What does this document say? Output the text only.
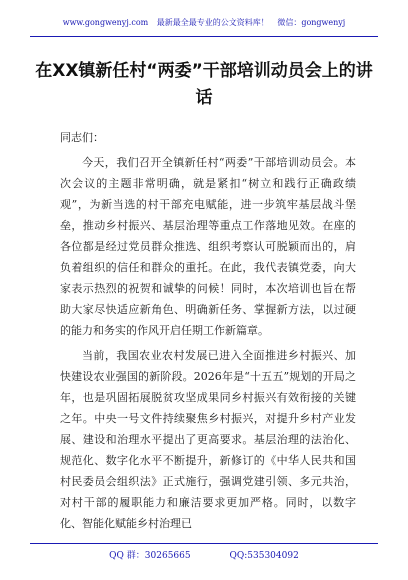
www.gongwenyj.com 最新最全最专业的公文资料库！ 微信：gongwenyj
在XX镇新任村“两委”干部培训动员会上的讲话

同志们：

今天，我们召开全镇新任村“两委”干部培训动员会。本次会议的主题非常明确，就是紧扣“树立和践行正确政绩观”，为新当选的村干部充电赋能，进一步筑牢基层战斗堡垒，推动乡村振兴、基层治理等重点工作落地见效。在座的各位都是经过党员群众推选、组织考察认可脱颖而出的，肩负着组织的信任和群众的重托。在此，我代表镇党委，向大家表示热烈的祝贺和诚挚的问候！同时，本次培训也旨在帮助大家尽快适应新角色、明确新任务、掌握新方法，以过硬的能力和务实的作风开启任期工作新篇章。

当前，我国农业农村发展已进入全面推进乡村振兴、加快建设农业强国的新阶段。2026年是“十五五”规划的开局之年，也是巩固拓展脱贫攻坚成果同乡村振兴有效衔接的关键之年。中央一号文件持续聚焦乡村振兴，对提升乡村产业发展、建设和治理水平提出了更高要求。基层治理的法治化、规范化、数字化水平不断提升，新修订的《中华人民共和国村民委员会组织法》正式施行，强调党建引领、多元共治，对村干部的履职能力和廉洁要求更加严格。同时，以数字化、智能化赋能乡村治理已

QQ 群：30265665	QQ:535304092
